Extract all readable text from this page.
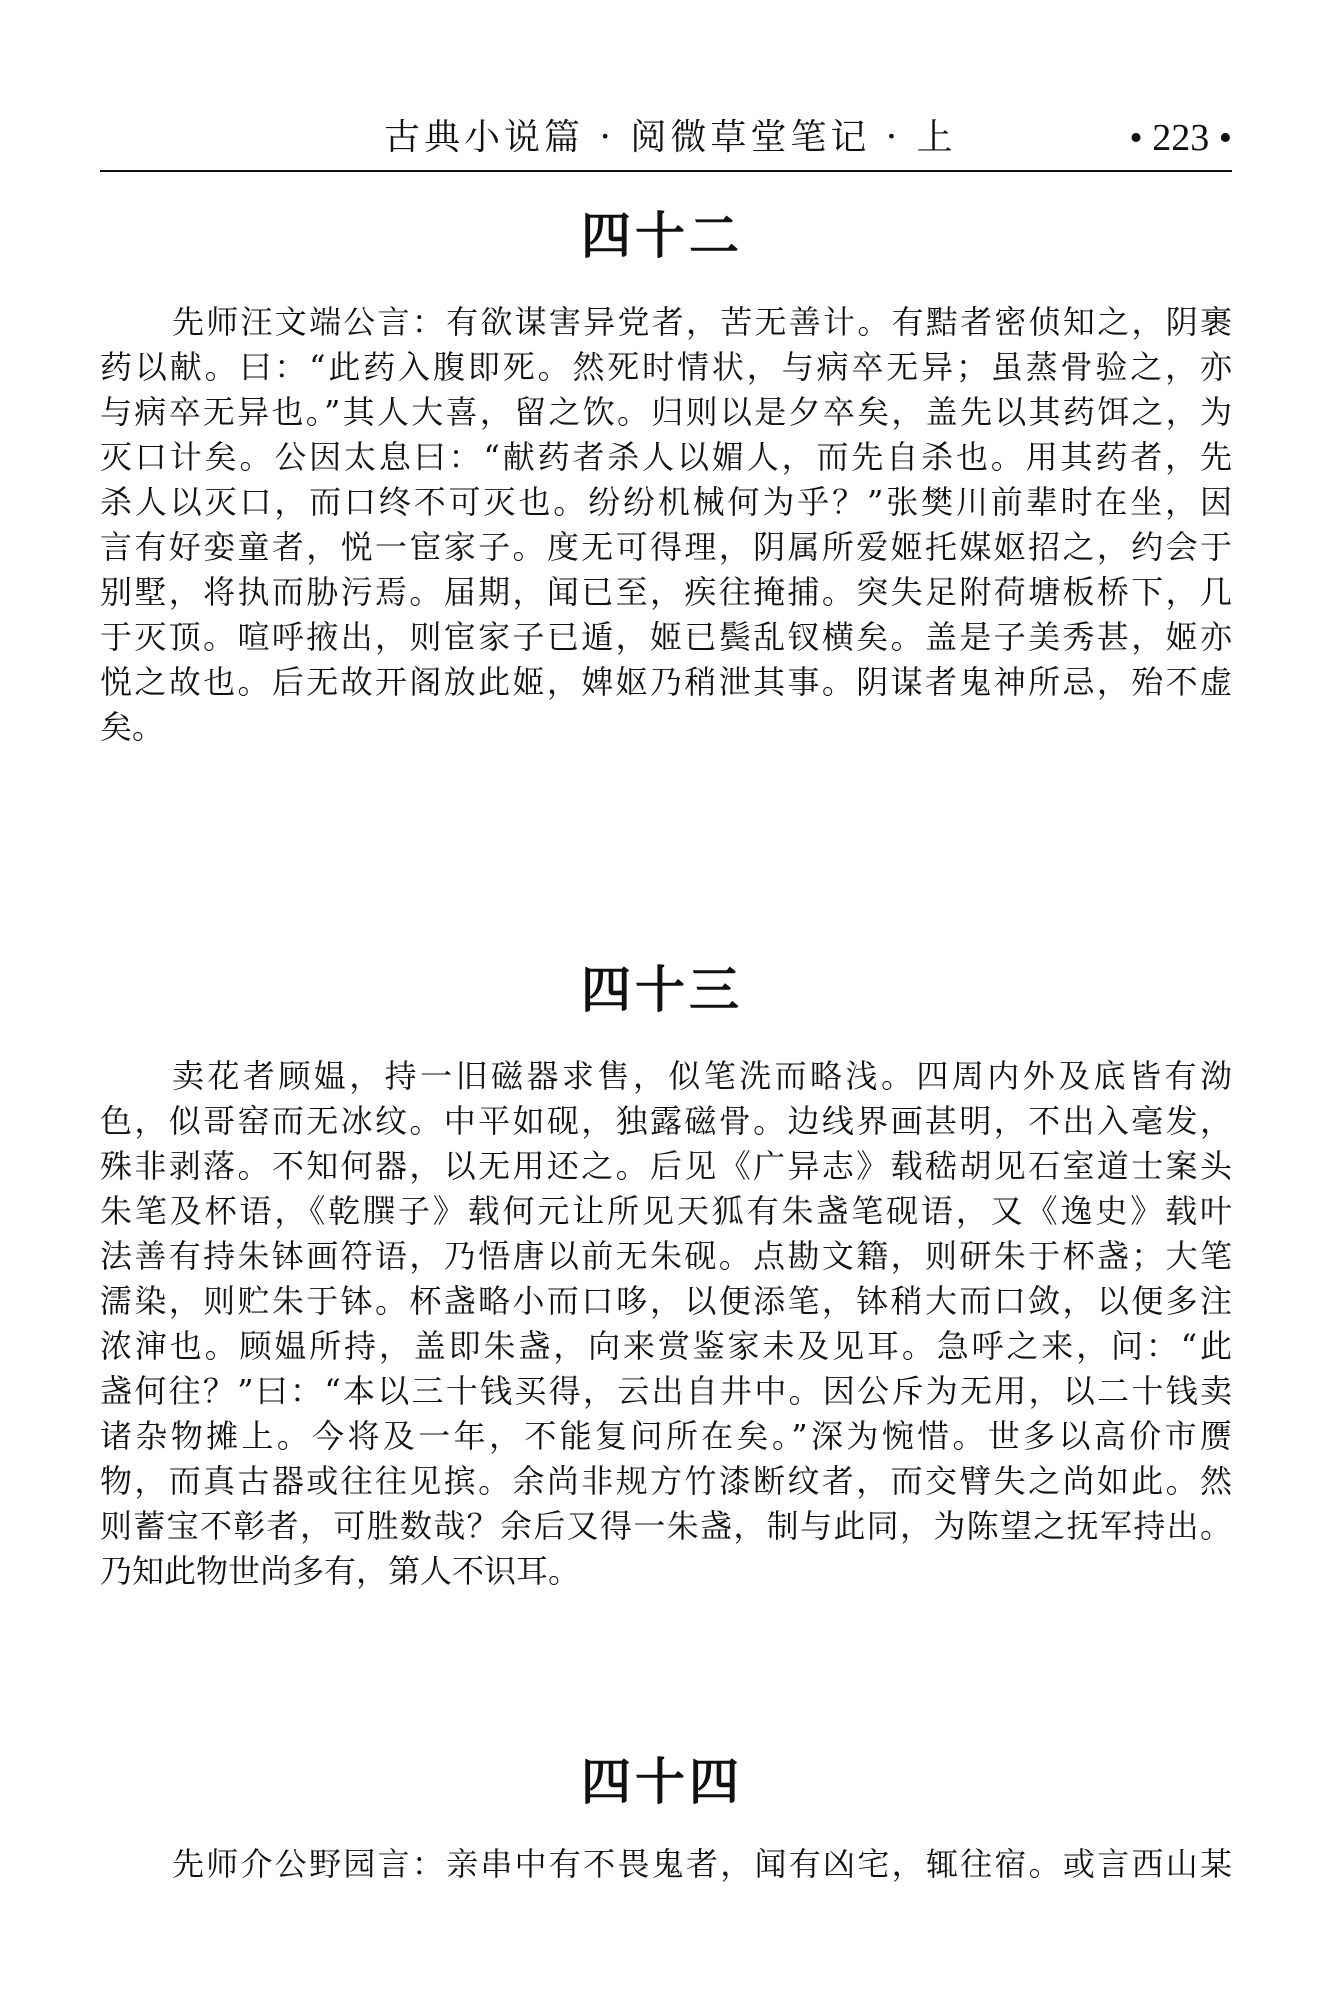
古典小说篇 · 阅微草堂笔记 · 上	• 223 •
四十二
先师汪文端公言：有欲谋害异党者，苦无善计。有黠者密侦知之，阴裹
药以献。曰：“此药入腹即死。然死时情状，与病卒无异；虽蒸骨验之，亦
与病卒无异也。”其人大喜，留之饮。归则以是夕卒矣，盖先以其药饵之，为
灭口计矣。公因太息曰：“献药者杀人以媚人，而先自杀也。用其药者，先
杀人以灭口，而口终不可灭也。纷纷机械何为乎？”张樊川前辈时在坐，因
言有好娈童者，悦一宦家子。度无可得理，阴属所爱姬托媒妪招之，约会于
别墅，将执而胁污焉。届期，闻已至，疾往掩捕。突失足附荷塘板桥下，几
于灭顶。喧呼掖出，则宦家子已遁，姬已鬓乱钗横矣。盖是子美秀甚，姬亦
悦之故也。后无故开阁放此姬，婢妪乃稍泄其事。阴谋者鬼神所忌，殆不虚
矣。
四十三
卖花者顾媪，持一旧磁器求售，似笔洗而略浅。四周内外及底皆有泑
色，似哥窑而无冰纹。中平如砚，独露磁骨。边线界画甚明，不出入毫发，
殊非剥落。不知何器，以无用还之。后见《广异志》载嵇胡见石室道士案头
朱笔及杯语，《乾𦠆子》载何元让所见天狐有朱盏笔砚语，又《逸史》载叶
法善有持朱钵画符语，乃悟唐以前无朱砚。点勘文籍，则研朱于杯盏；大笔
濡染，则贮朱于钵。杯盏略小而口哆，以便添笔，钵稍大而口敛，以便多注
浓渖也。顾媪所持，盖即朱盏，向来赏鉴家未及见耳。急呼之来，问：“此
盏何往？”曰：“本以三十钱买得，云出自井中。因公斥为无用，以二十钱卖
诸杂物摊上。今将及一年，不能复问所在矣。”深为惋惜。世多以高价市赝
物，而真古器或往往见摈。余尚非规方竹漆断纹者，而交臂失之尚如此。然
则蓄宝不彰者，可胜数哉？余后又得一朱盏，制与此同，为陈望之抚军持出。
乃知此物世尚多有，第人不识耳。
四十四
先师介公野园言：亲串中有不畏鬼者，闻有凶宅，辄往宿。或言西山某
